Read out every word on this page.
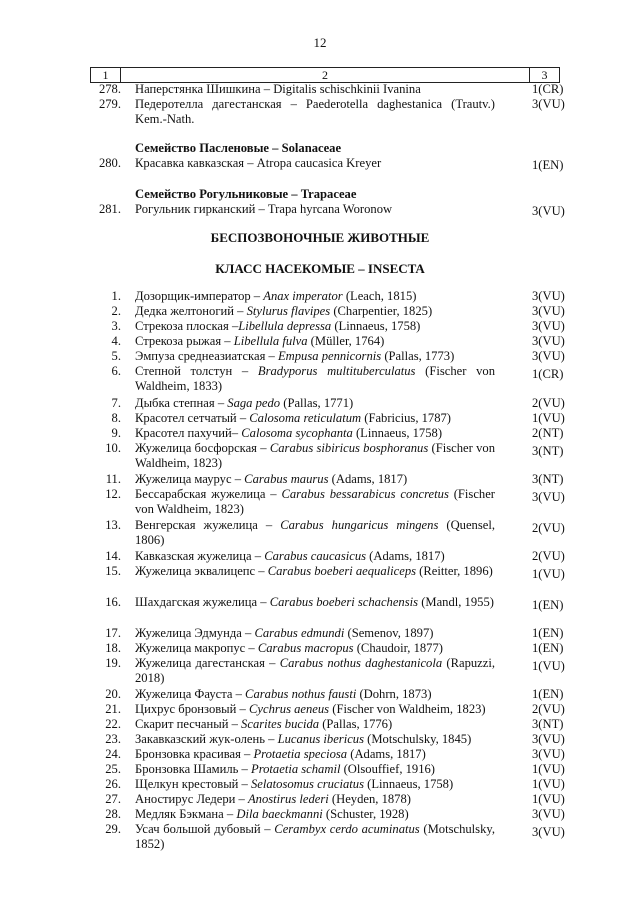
12
1	2	3
278. Наперстянка Шишкина – Digitalis schischkinii Ivanina	1(CR)
279. Педеротелла дагестанская – Paederotella daghestanica (Trautv.) Kem.-Nath.
3(VU)
Семейство Пасленовые – Solanaceae
280. Красавка кавказская – Atropa caucasica Kreyer	1(EN)
Семейство Рогульниковые – Trapaceae
281. Рогульник гирканский – Trapa hyrcana Woronow	3(VU)
БЕСПОЗВОНОЧНЫЕ ЖИВОТНЫЕ
КЛАСС НАСЕКОМЫЕ – INSECTA
1. Дозорщик-император – Anax imperator (Leach, 1815)	3(VU)
2. Дедка желтоногий – Stylurus flavipes (Charpentier, 1825)	3(VU)
3. Стрекоза плоская –Libellula depressa (Linnaeus, 1758)	3(VU)
4. Стрекоза рыжая – Libellula fulva (Müller, 1764)	3(VU)
5. Эмпуза среднеазиатская – Empusa pennicornis (Pallas, 1773)	3(VU)
6. Степной толстун – Bradyporus multituberculatus (Fischer von Waldheim, 1833)
1(CR)
7. Дыбка степная – Saga pedo (Pallas, 1771)	2(VU)
8. Красотел сетчатый – Calosoma reticulatum (Fabricius, 1787)	1(VU)
9. Красотел пахучий– Calosoma sycophanta (Linnaeus, 1758)	2(NT)
10. Жужелица босфорская – Carabus sibiricus bosphoranus (Fischer von Waldheim, 1823)
3(NT)
11. Жужелица маурус – Carabus maurus (Adams, 1817)	3(NT)
12. Бессарабская жужелица – Carabus bessarabicus concretus (Fischer von Waldheim, 1823)
3(VU)
13. Венгерская жужелица – Carabus hungaricus mingens (Quensel, 1806)
2(VU)
14. Кавказская жужелица – Carabus caucasicus (Adams, 1817)	2(VU)
15. Жужелица эквалицепс – Carabus boeberi aequaliceps (Reitter, 1896)	1(VU)
16. Шахдагская жужелица – Carabus boeberi schachensis (Mandl, 1955)	1(EN)
17. Жужелица Эдмунда – Carabus edmundi (Semenov, 1897)	1(EN)
18. Жужелица макропус – Carabus macropus (Chaudoir, 1877)	1(EN)
19. Жужелица дагестанская – Carabus nothus daghestanicola (Rapuzzi, 2018)
1(VU)
20. Жужелица Фауста – Carabus nothus fausti (Dohrn, 1873)	1(EN)
21. Цихрус бронзовый – Cychrus aeneus (Fischer von Waldheim, 1823)	2(VU)
22. Скарит песчаный – Scarites bucida (Pallas, 1776)	3(NT)
23. Закавказский жук-олень – Lucanus ibericus (Motschulsky, 1845)	3(VU)
24. Бронзовка красивая – Protaetia speciosa (Adams, 1817)	3(VU)
25. Бронзовка Шамиль – Protaetia schamil (Olsouffief, 1916)	1(VU)
26. Щелкун крестовый – Selatosomus cruciatus (Linnaeus, 1758)	1(VU)
27. Аностирус Ледери – Anostirus lederi (Heyden, 1878)	1(VU)
28. Медляк Бэкмана – Dila baeckmanni (Schuster, 1928)	3(VU)
29. Усач большой дубовый – Cerambyx cerdo acuminatus (Motschulsky, 1852)
3(VU)
